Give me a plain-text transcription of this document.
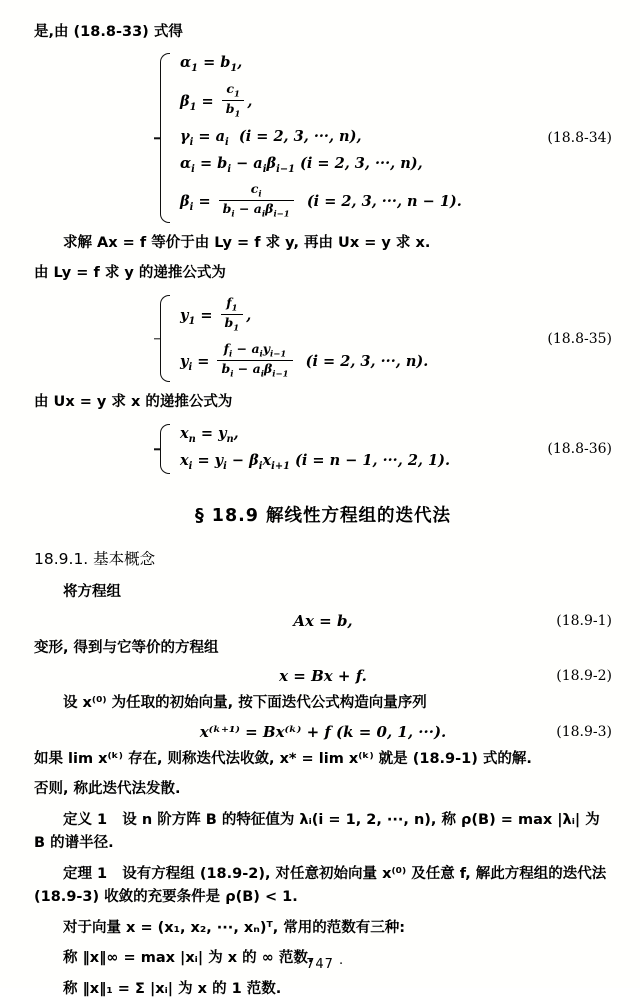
是,由 (18.8-33) 式得
$\alpha_1 = b_1$,
$\beta_1 = \frac{c_1}{b_1}$ ,
$\gamma_i = a_i$  (i = 2, 3, ···, n),
$\alpha_i = b_i - a_i\beta_{i-1}$ (i = 2, 3, ···, n),
$\beta_i = \frac{c_i}{b_i - a_i\beta_{i-1}} (i = 2$, 3, ···, n − 1).
(18.8-34)
求解 Ax = f 等价于由 Ly = f 求 y, 再由 Ux = y 求 x.
由 Ly = f 求 y 的递推公式为
$y_1 = \frac{f_1}{b_1}$ ,
$y_i = \frac{f_i - a_iy_{i-1}}{b_i - a_i\beta_{i-1}} (i = 2$, 3, ···, n).
(18.8-35)
由 Ux = y 求 x 的递推公式为
$x_n = y_n$,
$x_i = y_i - \beta_ix_{i+1}$ (i = n − 1, ···, 2, 1).
(18.8-36)
§ 18.9 解线性方程组的迭代法
18.9.1. 基本概念
将方程组
Ax = b,	(18.9-1)
变形, 得到与它等价的方程组
x = Bx + f.	(18.9-2)
设 x⁽⁰⁾ 为任取的初始向量, 按下面迭代公式构造向量序列
x⁽ᵏ⁺¹⁾ = Bx⁽ᵏ⁾ + f (k = 0, 1, ···).	(18.9-3)
如果 lim x⁽ᵏ⁾ 存在, 则称迭代法收敛, x* = lim x⁽ᵏ⁾ 就是 (18.9-1) 式的解.
否则, 称此迭代法发散.
定义 1 设 n 阶方阵 B 的特征值为 λᵢ(i = 1, 2, ···, n), 称 ρ(B) = max |λᵢ| 为 B 的谱半径.
定理 1 设有方程组 (18.9-2), 对任意初始向量 x⁽⁰⁾ 及任意 f, 解此方程组的迭代法 (18.9-3) 收敛的充要条件是 ρ(B) < 1.
对于向量 x = (x₁, x₂, ···, xₙ)ᵀ, 常用的范数有三种:
称 ‖x‖∞ = max |xᵢ| 为 x 的 ∞ 范数.
称 ‖x‖₁ = Σ |xᵢ| 为 x 的 1 范数.
· 747 ·
